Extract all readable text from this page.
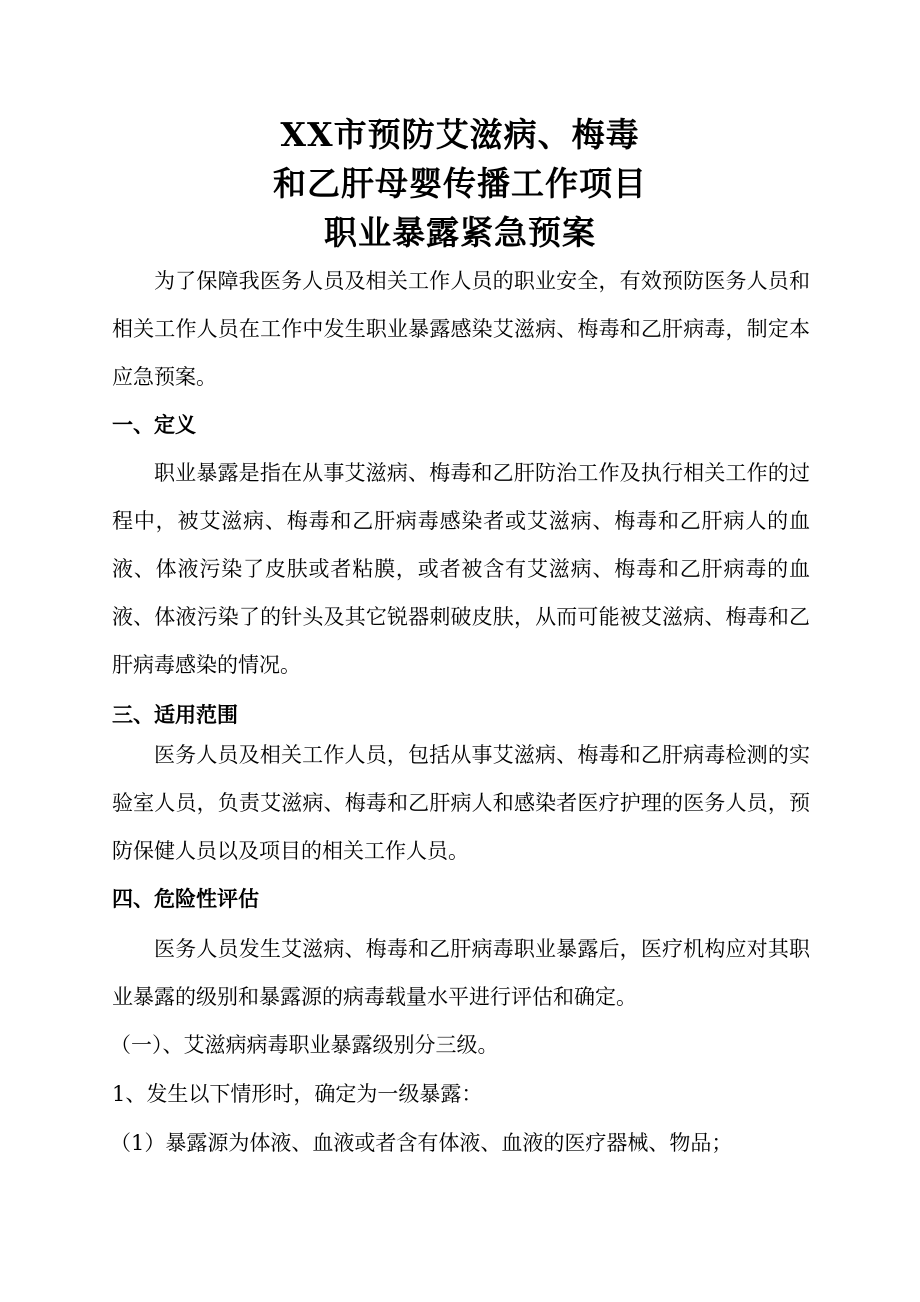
XX市预防艾滋病、梅毒
和乙肝母婴传播工作项目
职业暴露紧急预案

为了保障我医务人员及相关工作人员的职业安全，有效预防医务人员和相关工作人员在工作中发生职业暴露感染艾滋病、梅毒和乙肝病毒，制定本应急预案。

一、定义

职业暴露是指在从事艾滋病、梅毒和乙肝防治工作及执行相关工作的过程中，被艾滋病、梅毒和乙肝病毒感染者或艾滋病、梅毒和乙肝病人的血液、体液污染了皮肤或者粘膜，或者被含有艾滋病、梅毒和乙肝病毒的血液、体液污染了的针头及其它锐器刺破皮肤，从而可能被艾滋病、梅毒和乙肝病毒感染的情况。

三、适用范围

医务人员及相关工作人员，包括从事艾滋病、梅毒和乙肝病毒检测的实验室人员，负责艾滋病、梅毒和乙肝病人和感染者医疗护理的医务人员，预防保健人员以及项目的相关工作人员。

四、危险性评估

医务人员发生艾滋病、梅毒和乙肝病毒职业暴露后，医疗机构应对其职业暴露的级别和暴露源的病毒载量水平进行评估和确定。

（一）、艾滋病病毒职业暴露级别分三级。
1、发生以下情形时，确定为一级暴露：
（1）暴露源为体液、血液或者含有体液、血液的医疗器械、物品；
